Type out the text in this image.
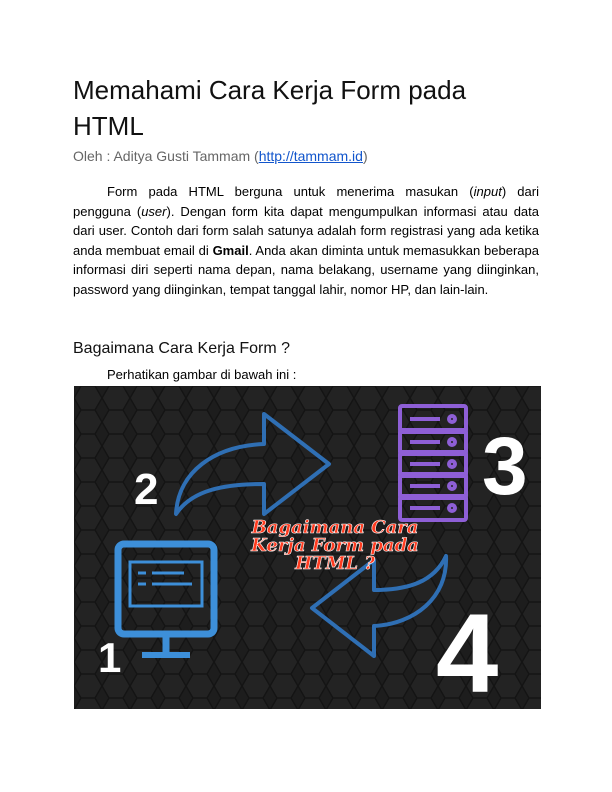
Memahami Cara Kerja Form pada HTML
Oleh : Aditya Gusti Tammam (http://tammam.id)

Form pada HTML berguna untuk menerima masukan (input) dari pengguna (user). Dengan form kita dapat mengumpulkan informasi atau data dari user. Contoh dari form salah satunya adalah form registrasi yang ada ketika anda membuat email di Gmail. Anda akan diminta untuk memasukkan beberapa informasi diri seperti nama depan, nama belakang, username yang diinginkan, password yang diinginkan, tempat tanggal lahir, nomor HP, dan lain-lain.

Bagaimana Cara Kerja Form ?
Perhatikan gambar di bawah ini :
2	3
1	4
Bagaimana Cara
Kerja Form pada
HTML ?
